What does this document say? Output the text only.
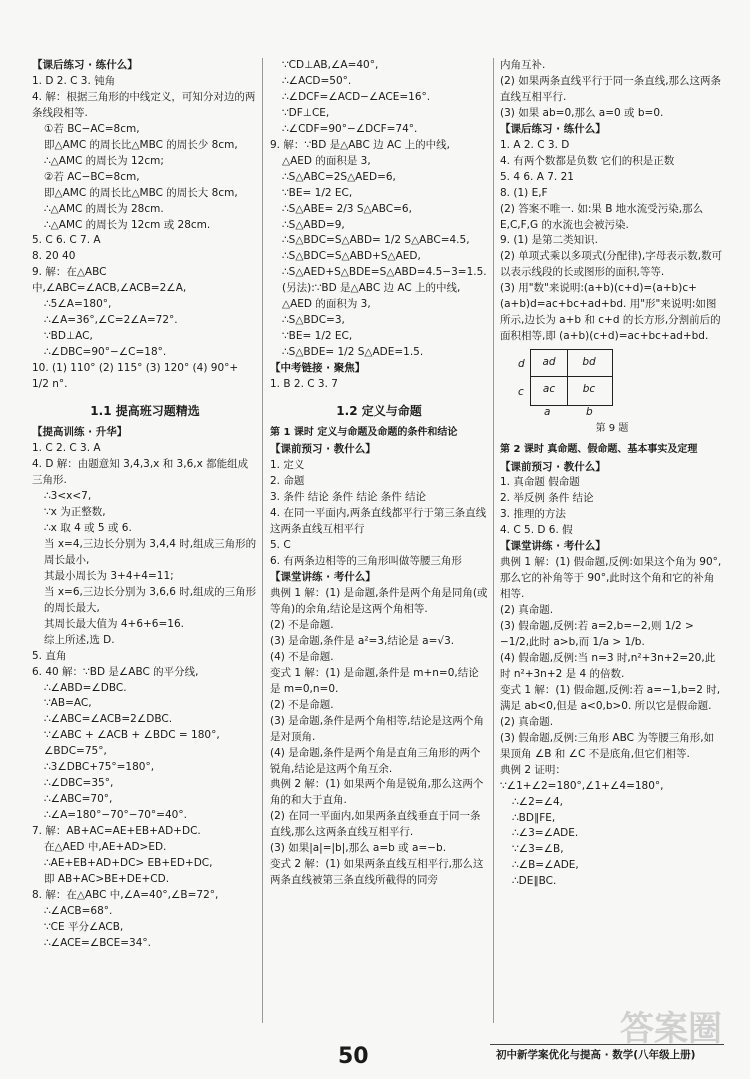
【课后练习 · 练什么】

1. D 2. C 3. 钝角

4. 解：根据三角形的中线定义，可知分对边的两条线段相等.

①若 BC−AC=8cm,

即△AMC 的周长比△MBC 的周长少 8cm,

∴△AMC 的周长为 12cm;

②若 AC−BC=8cm,

即△AMC 的周长比△MBC 的周长大 8cm,

∴△AMC 的周长为 28cm.

∴△AMC 的周长为 12cm 或 28cm.

5. C 6. C 7. A

8. 20 40

9. 解：在△ABC 中,∠ABC=∠ACB,∠ACB=2∠A,

∴5∠A=180°,

∴∠A=36°,∠C=2∠A=72°.

∵BD⊥AC,

∴∠DBC=90°−∠C=18°.

10. (1) 110° (2) 115° (3) 120° (4) 90°+ 1/2 n°.

1.1 提高班习题精选

【提高训练 · 升华】

1. C 2. C 3. A

4. D 解：由题意知 3,4,3,x 和 3,6,x 都能组成三角形.

∴3<x<7,

∵x 为正整数,

∴x 取 4 或 5 或 6.

当 x=4,三边长分别为 3,4,4 时,组成三角形的周长最小,

其最小周长为 3+4+4=11;

当 x=6,三边长分别为 3,6,6 时,组成的三角形的周长最大,

其周长最大值为 4+6+6=16.

综上所述,选 D.

5. 直角

6. 40 解：∵BD 是∠ABC 的平分线,

∴∠ABD=∠DBC.

∵AB=AC,

∴∠ABC=∠ACB=2∠DBC.

∵∠ABC + ∠ACB + ∠BDC = 180°,

∠BDC=75°,

∴3∠DBC+75°=180°,

∴∠DBC=35°,

∴∠ABC=70°,

∴∠A=180°−70°−70°=40°.

7. 解：AB+AC=AE+EB+AD+DC.

在△AED 中,AE+AD>ED.

∴AE+EB+AD+DC> EB+ED+DC,

即 AB+AC>BE+DE+CD.

8. 解：在△ABC 中,∠A=40°,∠B=72°,

∴∠ACB=68°.

∵CE 平分∠ACB,

∴∠ACE=∠BCE=34°.

∵CD⊥AB,∠A=40°,

∴∠ACD=50°.

∴∠DCF=∠ACD−∠ACE=16°.

∵DF⊥CE,

∴∠CDF=90°−∠DCF=74°.

9. 解：∵BD 是△ABC 边 AC 上的中线,

△AED 的面积是 3,

∴S△ABC=2S△AED=6,

∵BE= 1/2 EC,

∴S△ABE= 2/3 S△ABC=6,

∴S△ABD=9,

∴S△BDC=S△ABD= 1/2 S△ABC=4.5,

∴S△BDC=S△ABD+S△AED,

∴S△AED+S△BDE=S△ABD=4.5−3=1.5.

(另法):∵BD 是△ABC 边 AC 上的中线,

△AED 的面积为 3,

∴S△BDC=3,

∵BE= 1/2 EC,

∴S△BDE= 1/2 S△ADE=1.5.

【中考链接 · 聚焦】

1. B 2. C 3. 7

1.2 定义与命题

第 1 课时 定义与命题及命题的条件和结论

【课前预习 · 教什么】

1. 定义

2. 命题

3. 条件 结论 条件 结论 条件 结论

4. 在同一平面内,两条直线都平行于第三条直线 这两条直线互相平行

5. C

6. 有两条边相等的三角形叫做等腰三角形

【课堂讲练 · 考什么】

典例 1 解：(1) 是命题,条件是两个角是同角(或等角)的余角,结论是这两个角相等.

(2) 不是命题.

(3) 是命题,条件是 a²=3,结论是 a=√3.

(4) 不是命题.

变式 1 解：(1) 是命题,条件是 m+n=0,结论是 m=0,n=0.

(2) 不是命题.

(3) 是命题,条件是两个角相等,结论是这两个角是对顶角.

(4) 是命题,条件是两个角是直角三角形的两个锐角,结论是这两个角互余.

典例 2 解：(1) 如果两个角是锐角,那么这两个角的和大于直角.

(2) 在同一平面内,如果两条直线垂直于同一条直线,那么这两条直线互相平行.

(3) 如果|a|=|b|,那么 a=b 或 a=−b.

变式 2 解：(1) 如果两条直线互相平行,那么这两条直线被第三条直线所截得的同旁

内角互补.

(2) 如果两条直线平行于同一条直线,那么这两条直线互相平行.

(3) 如果 ab=0,那么 a=0 或 b=0.

【课后练习 · 练什么】

1. A 2. C 3. D

4. 有两个数都是负数 它们的积是正数

5. 4 6. A 7. 21

8. (1) E,F

(2) 答案不唯一. 如:果 B 地水流受污染,那么 E,C,F,G 的水流也会被污染.

9. (1) 是第二类知识.

(2) 单项式乘以多项式(分配律),字母表示数,数可以表示线段的长或图形的面积,等等.

(3) 用"数"来说明:(a+b)(c+d)=(a+b)c+(a+b)d=ac+bc+ad+bd. 用"形"来说明:如图所示,边长为 a+b 和 c+d 的长方形,分割前后的面积相等,即 (a+b)(c+d)=ac+bc+ad+bd.

d
c
ad	bd
ac	bc
a	b

第 9 题

第 2 课时 真命题、假命题、基本事实及定理

【课前预习 · 教什么】

1. 真命题 假命题

2. 举反例 条件 结论

3. 推理的方法

4. C 5. D 6. 假

【课堂讲练 · 考什么】

典例 1 解：(1) 假命题,反例:如果这个角为 90°,那么它的补角等于 90°,此时这个角和它的补角相等.

(2) 真命题.

(3) 假命题,反例:若 a=2,b=−2,则 1/2 > −1/2,此时 a>b,而 1/a > 1/b.

(4) 假命题,反例:当 n=3 时,n²+3n+2=20,此时 n²+3n+2 是 4 的倍数.

变式 1 解：(1) 假命题,反例:若 a=−1,b=2 时,满足 ab<0,但是 a<0,b>0. 所以它是假命题.

(2) 真命题.

(3) 假命题,反例:三角形 ABC 为等腰三角形,如果顶角 ∠B 和 ∠C 不是底角,但它们相等.

典例 2 证明：∵∠1+∠2=180°,∠1+∠4=180°,

∴∠2=∠4,

∴BD∥FE,

∴∠3=∠ADE.

∵∠3=∠B,

∴∠B=∠ADE,

∴DE∥BC.

答案圈
50	初中新学案优化与提高 · 数学(八年级上册)
